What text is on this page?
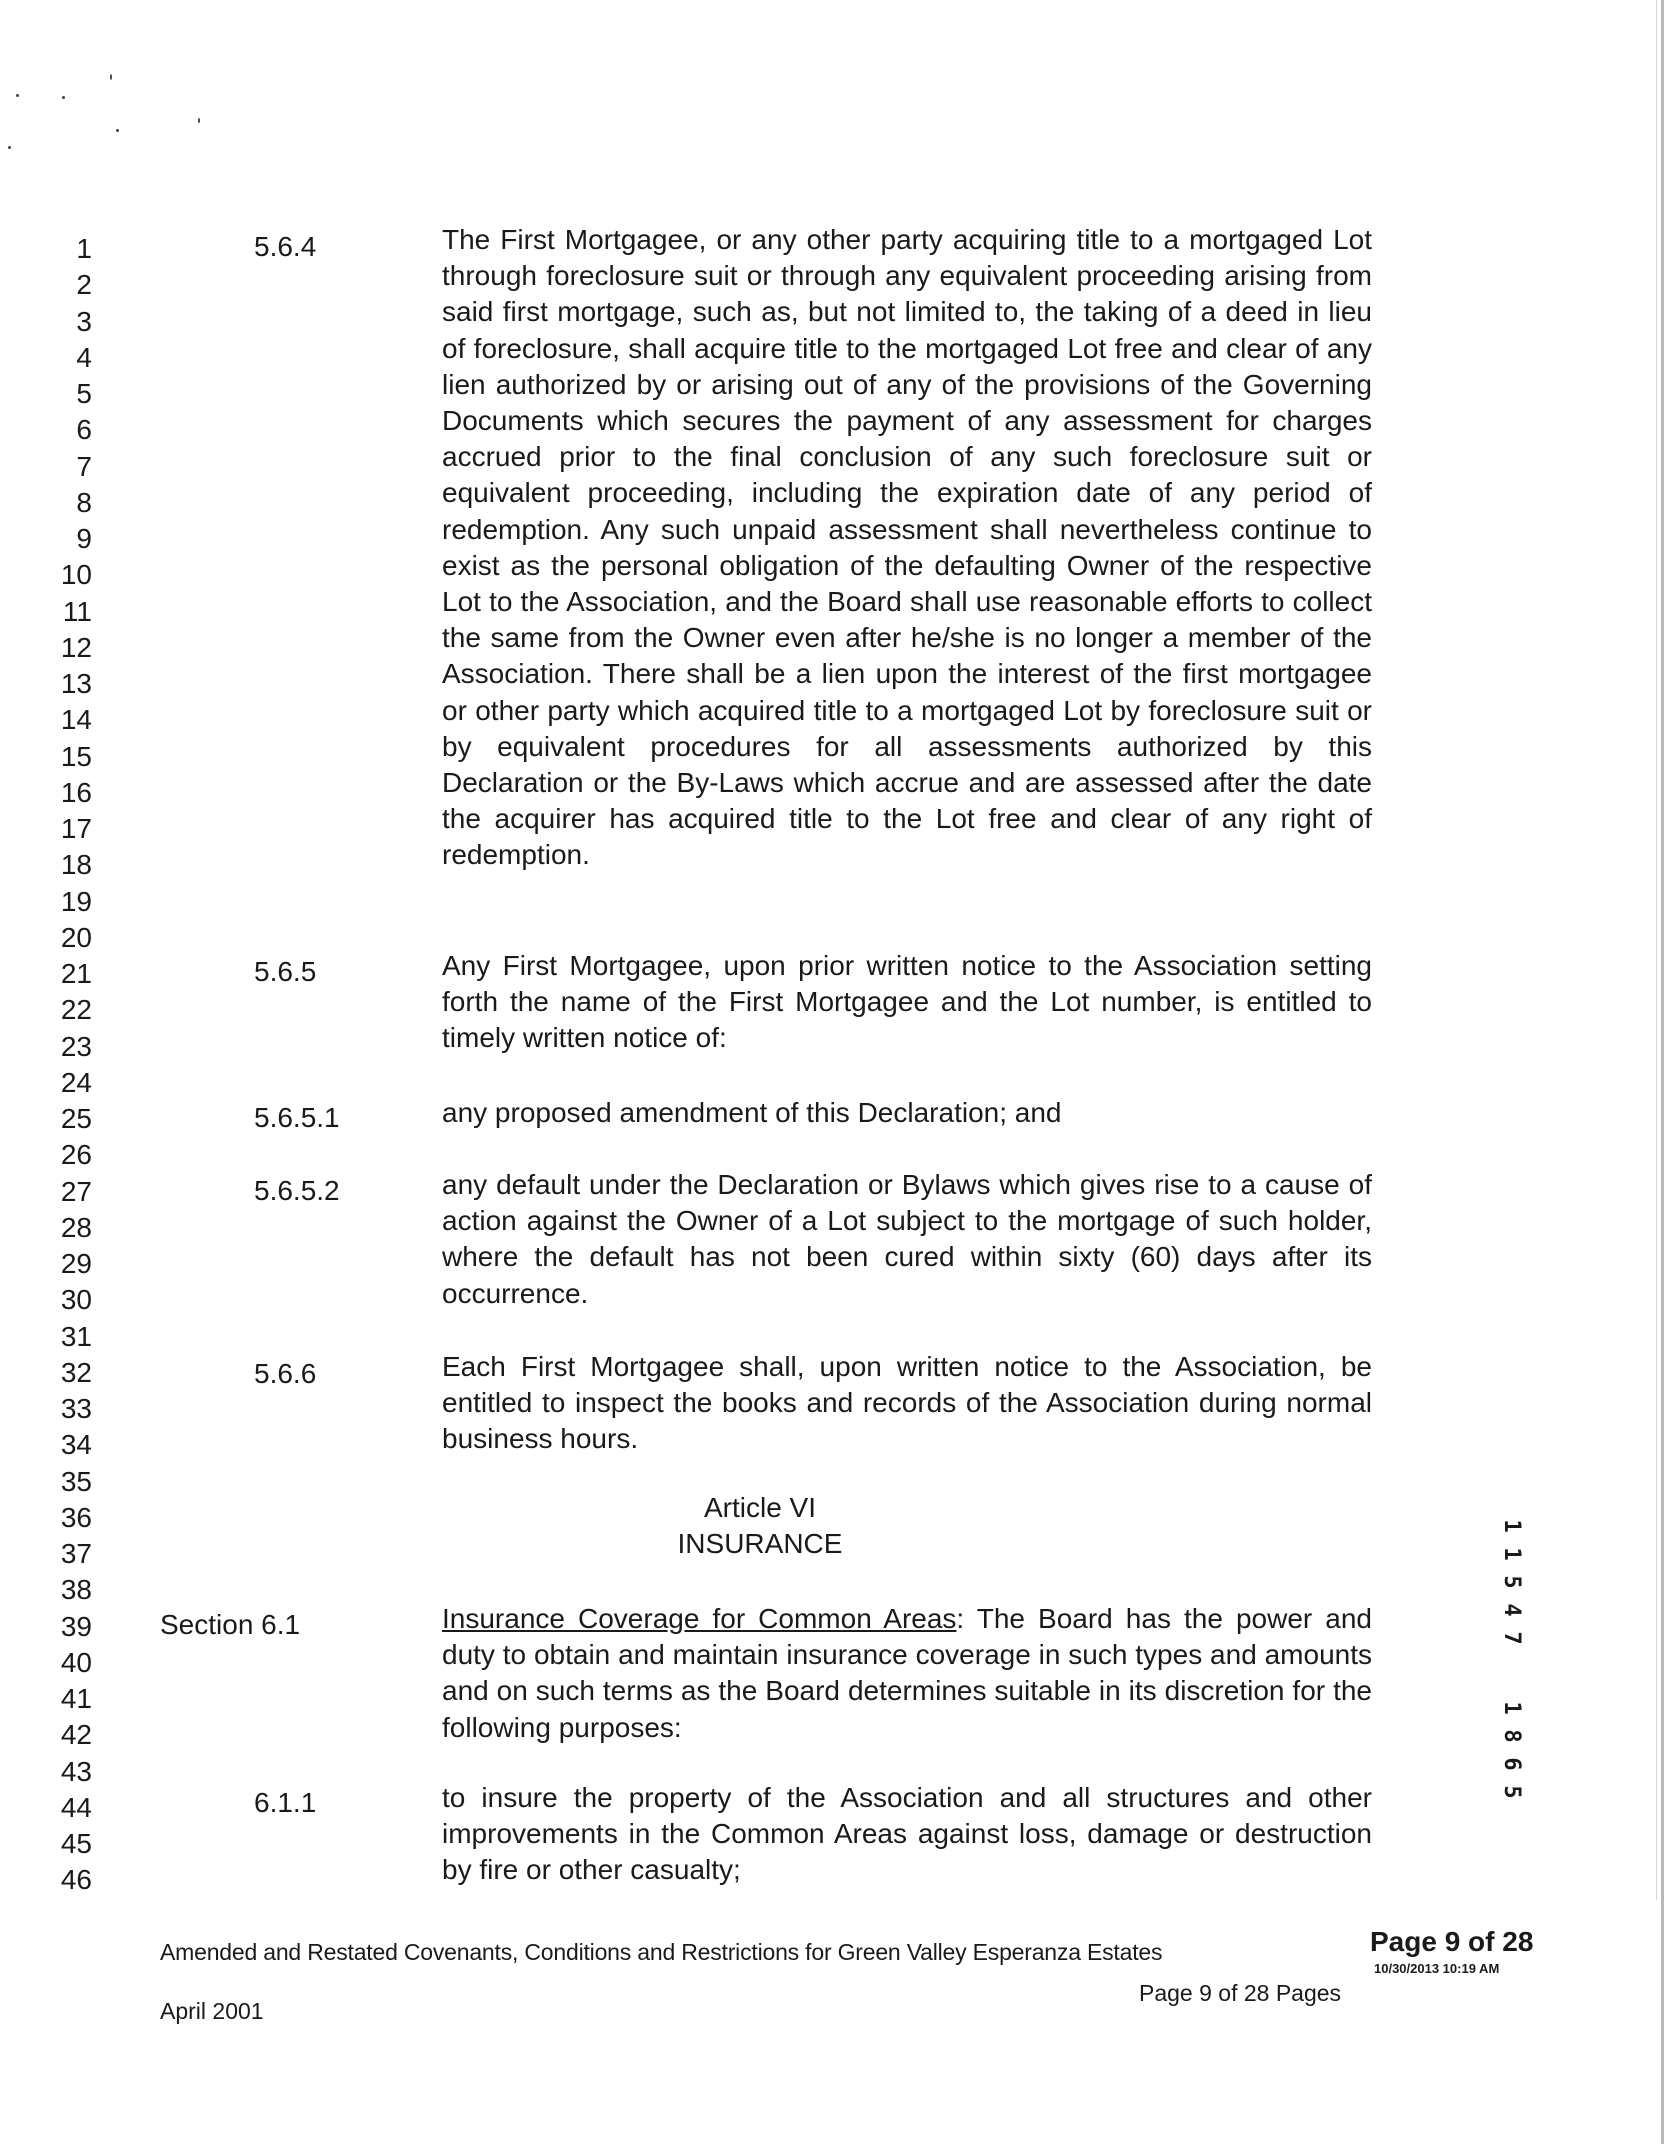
1
2
3
4
5
6
7
8
9
10
11
12
13
14
15
16
17
18
19
20
21
22
23
24
25
26
27
28
29
30
31
32
33
34
35
36
37
38
39
40
41
42
43
44
45
46
5.6.4	The First Mortgagee, or any other party acquiring title to a mortgaged Lot through foreclosure suit or through any equivalent proceeding arising from said first mortgage, such as, but not limited to, the taking of a deed in lieu of foreclosure, shall acquire title to the mortgaged Lot free and clear of any lien authorized by or arising out of any of the provisions of the Governing Documents which secures the payment of any assessment for charges accrued prior to the final conclusion of any such foreclosure suit or equivalent proceeding, including the expiration date of any period of redemption. Any such unpaid assessment shall nevertheless continue to exist as the personal obligation of the defaulting Owner of the respective Lot to the Association, and the Board shall use reasonable efforts to collect the same from the Owner even after he/she is no longer a member of the Association. There shall be a lien upon the interest of the first mortgagee or other party which acquired title to a mortgaged Lot by foreclosure suit or by equivalent procedures for all assessments authorized by this Declaration or the By-Laws which accrue and are assessed after the date the acquirer has acquired title to the Lot free and clear of any right of redemption.
5.6.5	Any First Mortgagee, upon prior written notice to the Association setting forth the name of the First Mortgagee and the Lot number, is entitled to timely written notice of:
5.6.5.1	any proposed amendment of this Declaration; and
5.6.5.2	any default under the Declaration or Bylaws which gives rise to a cause of action against the Owner of a Lot subject to the mortgage of such holder, where the default has not been cured within sixty (60) days after its occurrence.
5.6.6	Each First Mortgagee shall, upon written notice to the Association, be entitled to inspect the books and records of the Association during normal business hours.
Article VI
INSURANCE
Section 6.1	Insurance Coverage for Common Areas: The Board has the power and duty to obtain and maintain insurance coverage in such types and amounts and on such terms as the Board determines suitable in its discretion for the following purposes:
6.1.1	to insure the property of the Association and all structures and other improvements in the Common Areas against loss, damage or destruction by fire or other casualty;
1
1
5
4
7
1
8
6
5
Amended and Restated Covenants, Conditions and Restrictions for Green Valley Esperanza Estates	Page 9 of 28
10/30/2013 10:19 AM
Page 9 of 28 Pages
April 2001
